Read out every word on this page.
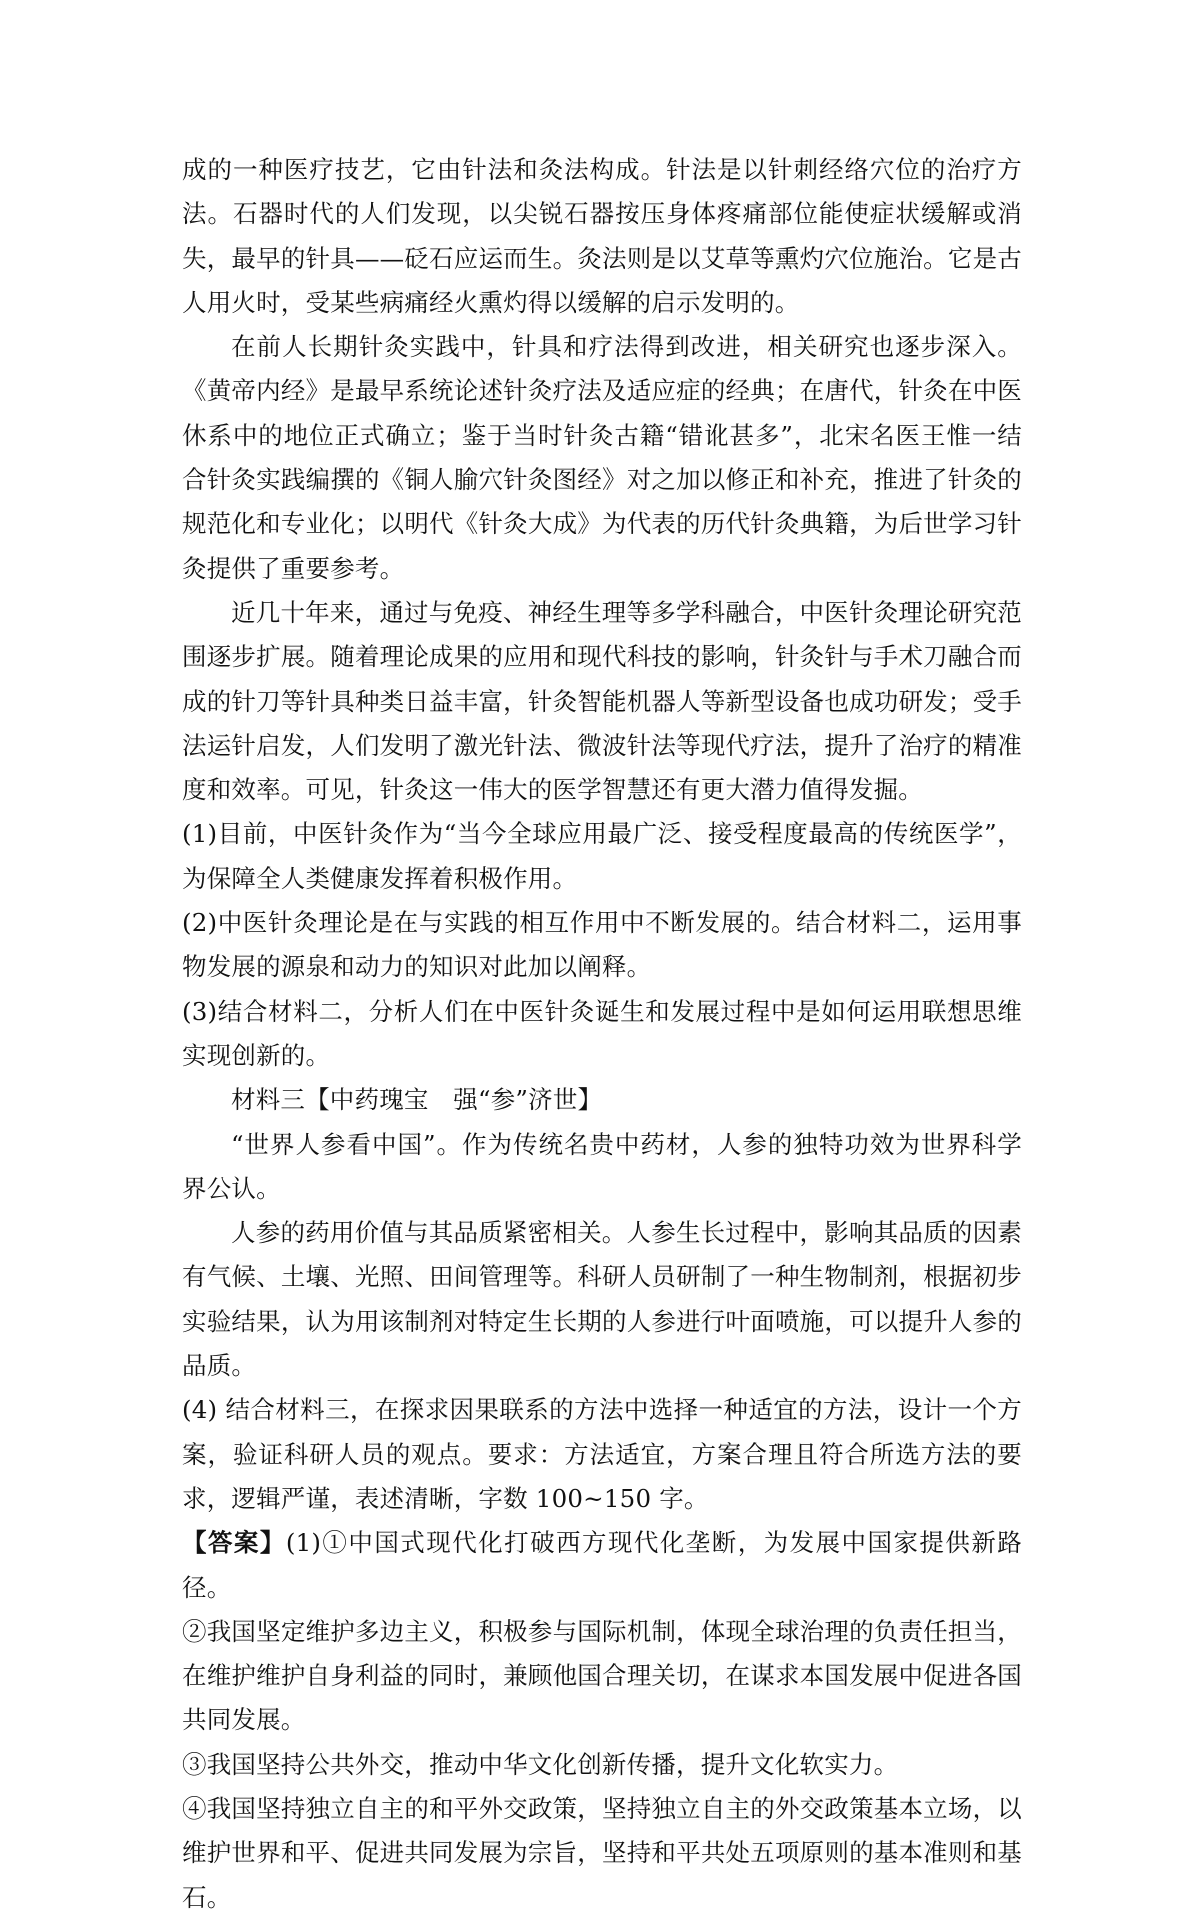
成的一种医疗技艺，它由针法和灸法构成。针法是以针刺经络穴位的治疗方法。石器时代的人们发现，以尖锐石器按压身体疼痛部位能使症状缓解或消失，最早的针具——砭石应运而生。灸法则是以艾草等熏灼穴位施治。它是古人用火时，受某些病痛经火熏灼得以缓解的启示发明的。

在前人长期针灸实践中，针具和疗法得到改进，相关研究也逐步深入。《黄帝内经》是最早系统论述针灸疗法及适应症的经典；在唐代，针灸在中医休系中的地位正式确立；鉴于当时针灸古籍“错讹甚多”，北宋名医王惟一结合针灸实践编撰的《铜人腧穴针灸图经》对之加以修正和补充，推进了针灸的规范化和专业化；以明代《针灸大成》为代表的历代针灸典籍，为后世学习针灸提供了重要参考。

近几十年来，通过与免疫、神经生理等多学科融合，中医针灸理论研究范围逐步扩展。随着理论成果的应用和现代科技的影响，针灸针与手术刀融合而成的针刀等针具种类日益丰富，针灸智能机器人等新型设备也成功研发；受手法运针启发，人们发明了激光针法、微波针法等现代疗法，提升了治疗的精准度和效率。可见，针灸这一伟大的医学智慧还有更大潜力值得发掘。

(1)目前，中医针灸作为“当今全球应用最广泛、接受程度最高的传统医学”，为保障全人类健康发挥着积极作用。

(2)中医针灸理论是在与实践的相互作用中不断发展的。结合材料二，运用事物发展的源泉和动力的知识对此加以阐释。

(3)结合材料二，分析人们在中医针灸诞生和发展过程中是如何运用联想思维实现创新的。

材料三【中药瑰宝　强“参”济世】

“世界人参看中国”。作为传统名贵中药材，人参的独特功效为世界科学界公认。

人参的药用价值与其品质紧密相关。人参生长过程中，影响其品质的因素有气候、土壤、光照、田间管理等。科研人员研制了一种生物制剂，根据初步实验结果，认为用该制剂对特定生长期的人参进行叶面喷施，可以提升人参的品质。

(4) 结合材料三，在探求因果联系的方法中选择一种适宜的方法，设计一个方案，验证科研人员的观点。要求：方法适宜，方案合理且符合所选方法的要求，逻辑严谨，表述清晰，字数 100~150 字。

【答案】(1)①中国式现代化打破西方现代化垄断，为发展中国家提供新路径。

②我国坚定维护多边主义，积极参与国际机制，体现全球治理的负责任担当，在维护维护自身利益的同时，兼顾他国合理关切，在谋求本国发展中促进各国共同发展。

③我国坚持公共外交，推动中华文化创新传播，提升文化软实力。

④我国坚持独立自主的和平外交政策，坚持独立自主的外交政策基本立场，以维护世界和平、促进共同发展为宗旨，坚持和平共处五项原则的基本准则和基石。
